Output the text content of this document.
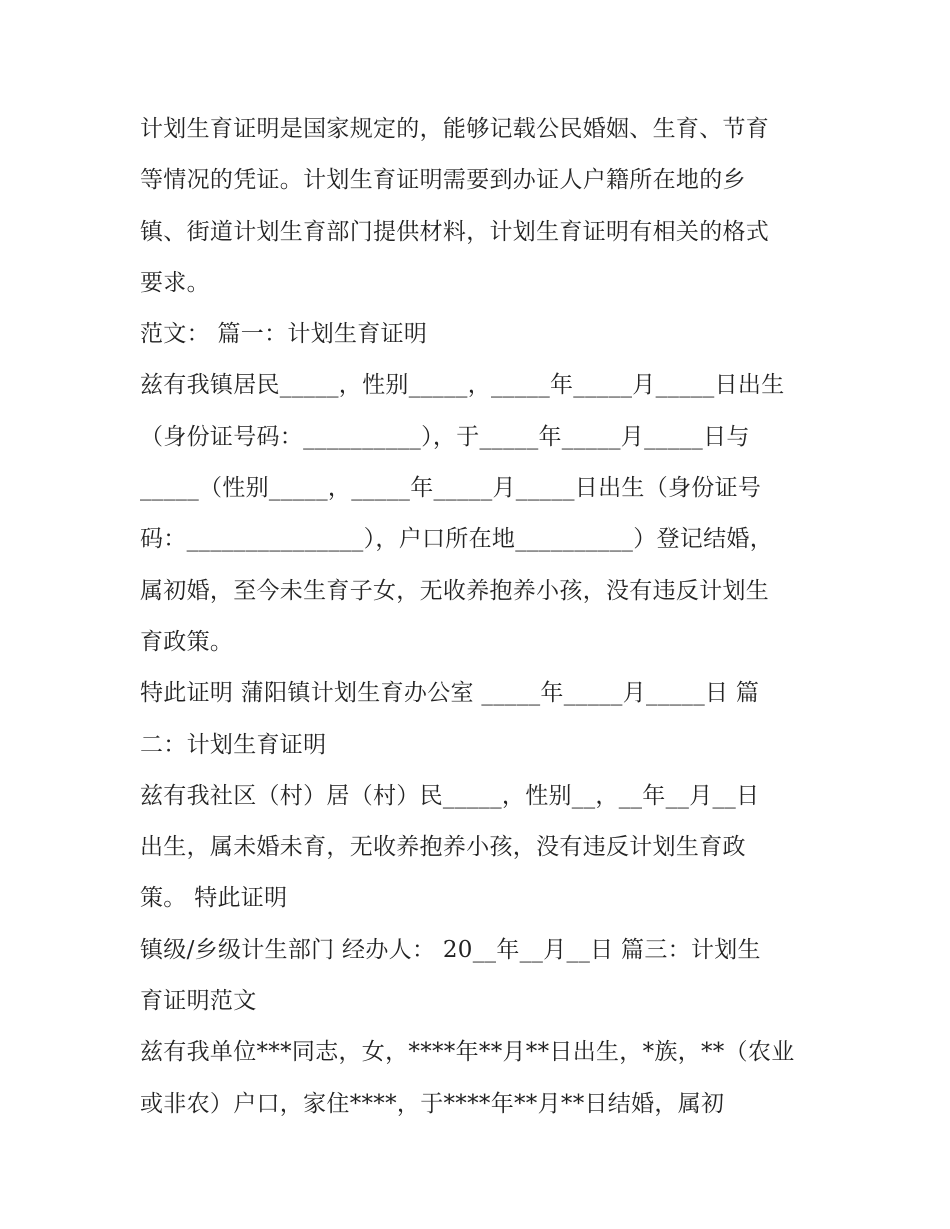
计划生育证明是国家规定的，能够记载公民婚姻、生育、节育
等情况的凭证。计划生育证明需要到办证人户籍所在地的乡
镇、街道计划生育部门提供材料，计划生育证明有相关的格式
要求。
范文： 篇一：计划生育证明
兹有我镇居民_____，性别_____，_____年_____月_____日出生
（身份证号码：__________），于_____年_____月_____日与
_____（性别_____，_____年_____月_____日出生（身份证号
码：_______________），户口所在地__________）登记结婚，
属初婚，至今未生育子女，无收养抱养小孩，没有违反计划生
育政策。
特此证明 蒲阳镇计划生育办公室 _____年_____月_____日 篇
二：计划生育证明
兹有我社区（村）居（村）民_____，性别__，__年__月__日
出生，属未婚未育，无收养抱养小孩，没有违反计划生育政
策。 特此证明
镇级/乡级计生部门 经办人： 20__年__月__日 篇三：计划生
育证明范文
兹有我单位***同志，女，****年**月**日出生，*族，**（农业
或非农）户口，家住****，于****年**月**日结婚，属初
